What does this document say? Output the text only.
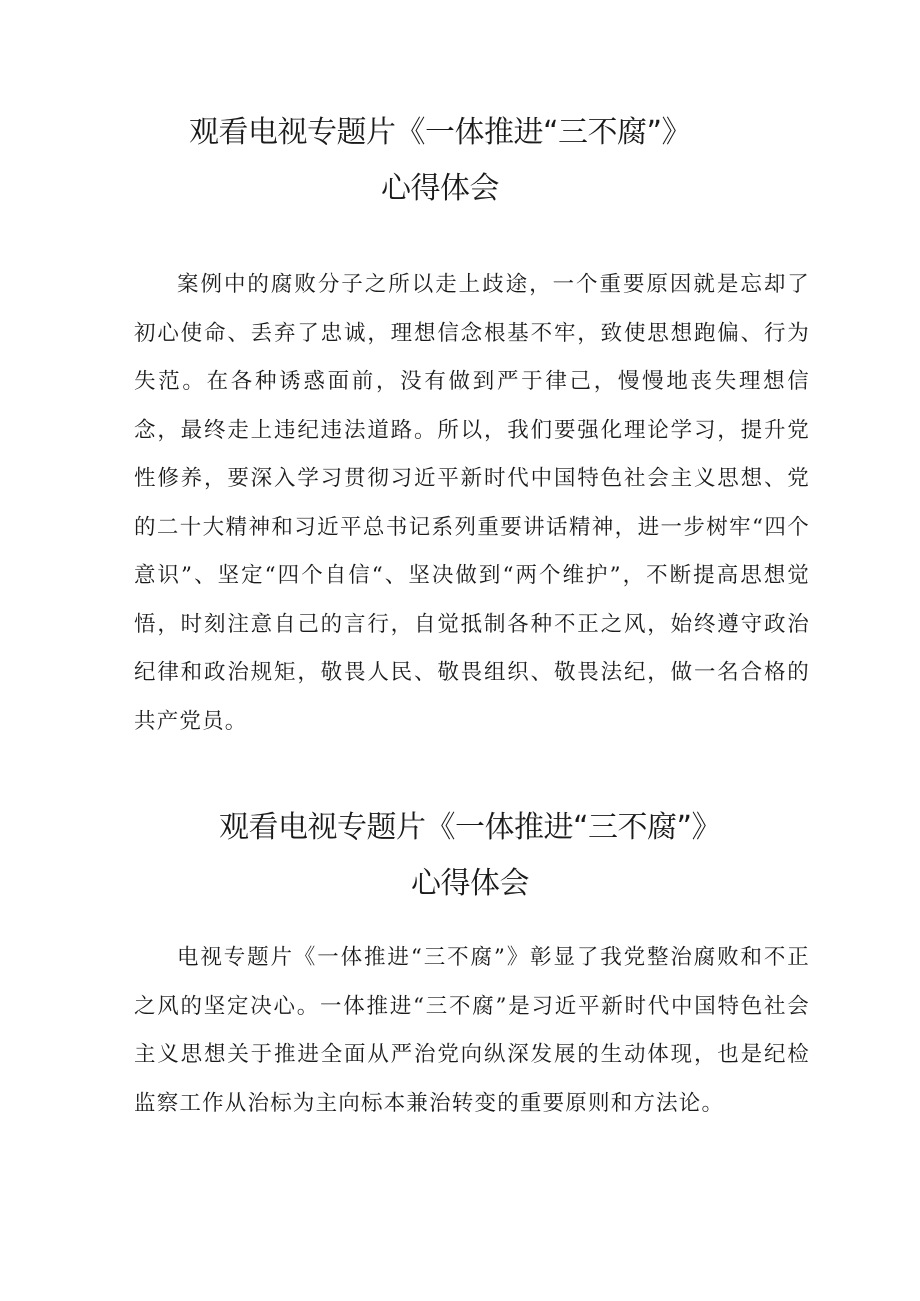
观看电视专题片《一体推进“三不腐”》
心得体会

案例中的腐败分子之所以走上歧途，一个重要原因就是忘却了初心使命、丢弃了忠诚，理想信念根基不牢，致使思想跑偏、行为失范。在各种诱惑面前，没有做到严于律己，慢慢地丧失理想信念，最终走上违纪违法道路。所以，我们要强化理论学习，提升党性修养，要深入学习贯彻习近平新时代中国特色社会主义思想、党的二十大精神和习近平总书记系列重要讲话精神，进一步树牢“四个意识”、坚定“四个自信“、坚决做到“两个维护”，不断提高思想觉悟，时刻注意自己的言行，自觉抵制各种不正之风，始终遵守政治纪律和政治规矩，敬畏人民、敬畏组织、敬畏法纪，做一名合格的共产党员。

观看电视专题片《一体推进“三不腐”》
心得体会

电视专题片《一体推进“三不腐”》彰显了我党整治腐败和不正之风的坚定决心。一体推进“三不腐”是习近平新时代中国特色社会主义思想关于推进全面从严治党向纵深发展的生动体现，也是纪检监察工作从治标为主向标本兼治转变的重要原则和方法论。
